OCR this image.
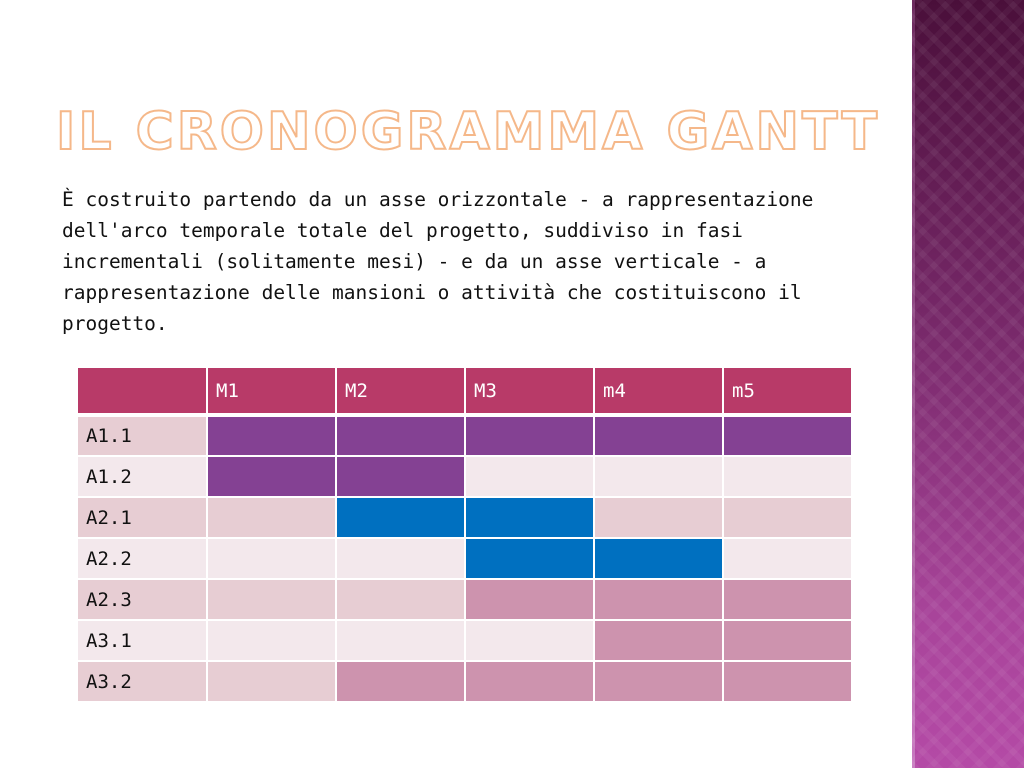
IL CRONOGRAMMA GANTT

È costruito partendo da un asse orizzontale - a rappresentazione dell'arco temporale totale del progetto, suddiviso in fasi incrementali (solitamente mesi) - e da un asse verticale - a rappresentazione delle mansioni o attività che costituiscono il progetto.

	M1	M2	M3	m4	m5
A1.1					
A1.2					
A2.1					
A2.2					
A2.3					
A3.1					
A3.2					
